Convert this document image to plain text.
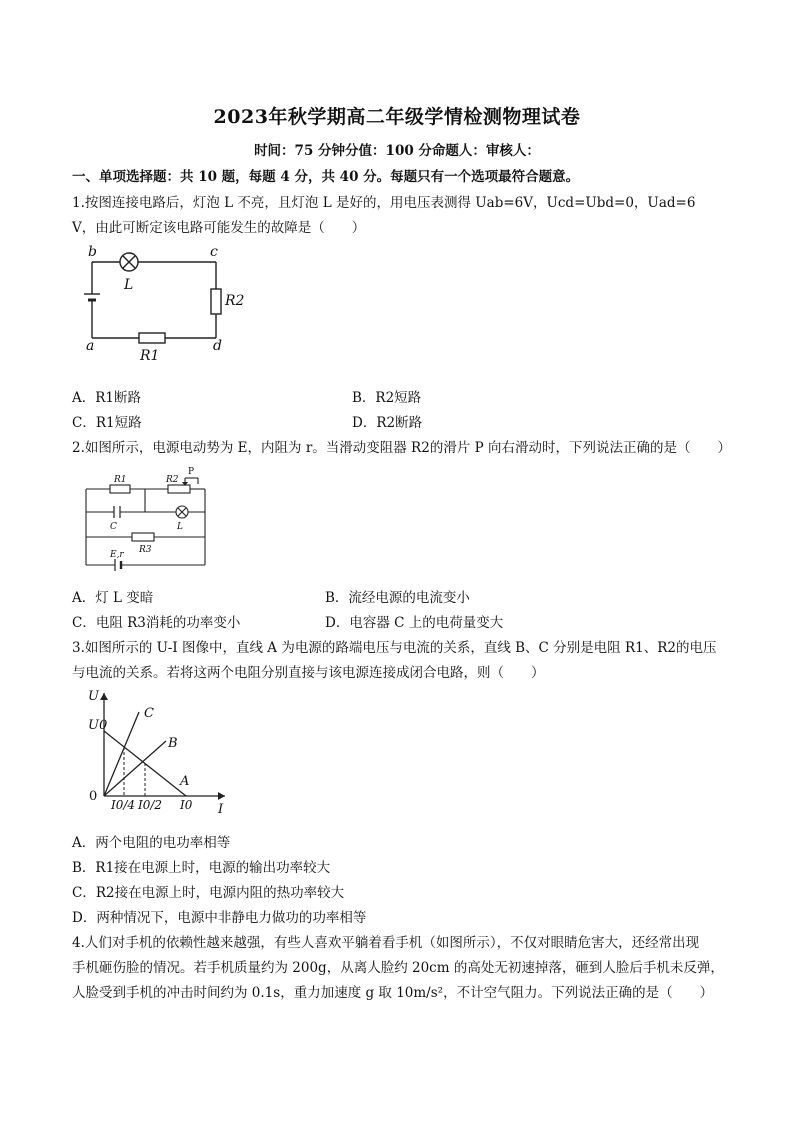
2023年秋学期高二年级学情检测物理试卷
时间：75 分钟分值：100 分命题人：审核人：
一、单项选择题：共 10 题，每题 4 分，共 40 分。每题只有一个选项最符合题意。
1.按图连接电路后，灯泡 L 不亮，且灯泡 L 是好的，用电压表测得 Uab=6V，Ucd=Ubd=0，Uad=6
V，由此可断定该电路可能发生的故障是（　　）
b	c
a	d
L
R2
R1
A．R1断路	B．R2短路
C．R1短路	D．R2断路
2.如图所示，电源电动势为 E，内阻为 r。当滑动变阻器 R2的滑片 P 向右滑动时，下列说法正确的是（　　）
R1	R2
P
C	L
R3
E,r
A．灯 L 变暗	B．流经电源的电流变小
C．电阻 R3消耗的功率变小	D．电容器 C 上的电荷量变大
3.如图所示的 U-I 图像中，直线 A 为电源的路端电压与电流的关系，直线 B、C 分别是电阻 R1、R2的电压
与电流的关系。若将这两个电阻分别直接与该电源连接成闭合电路，则（　　）
U
I
U0
0
I0/4 I0/2 I0
A
B
C
A．两个电阻的电功率相等
B．R1接在电源上时，电源的输出功率较大
C．R2接在电源上时，电源内阻的热功率较大
D．两种情况下，电源中非静电力做功的功率相等
4.人们对手机的依赖性越来越强，有些人喜欢平躺着看手机（如图所示），不仅对眼睛危害大，还经常出现
手机砸伤脸的情况。若手机质量约为 200g，从离人脸约 20cm 的高处无初速掉落，砸到人脸后手机未反弹，
人脸受到手机的冲击时间约为 0.1s，重力加速度 g 取 10m/s²，不计空气阻力。下列说法正确的是（　　）
